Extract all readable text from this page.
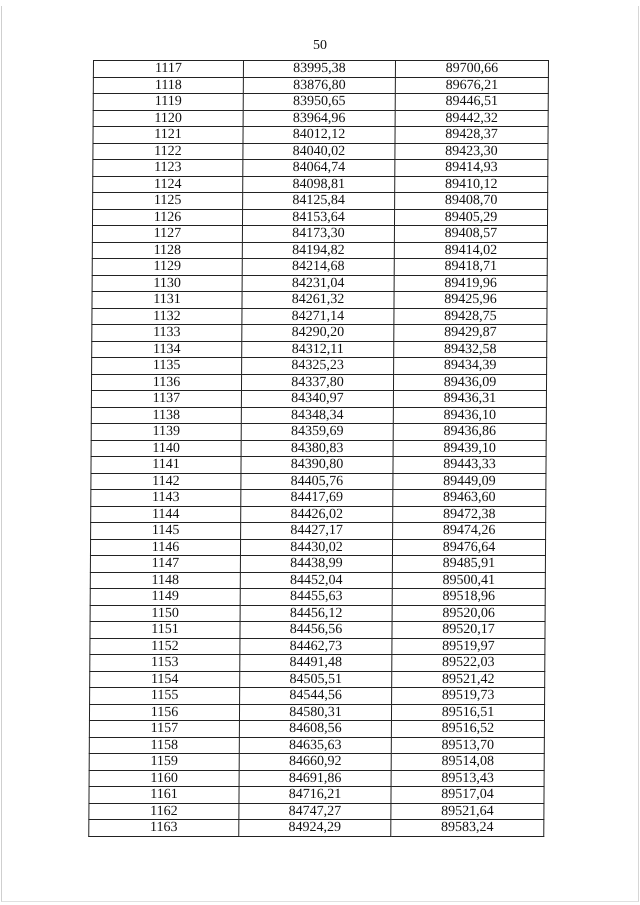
50
1117	83995,38	89700,66
1118	83876,80	89676,21
1119	83950,65	89446,51
1120	83964,96	89442,32
1121	84012,12	89428,37
1122	84040,02	89423,30
1123	84064,74	89414,93
1124	84098,81	89410,12
1125	84125,84	89408,70
1126	84153,64	89405,29
1127	84173,30	89408,57
1128	84194,82	89414,02
1129	84214,68	89418,71
1130	84231,04	89419,96
1131	84261,32	89425,96
1132	84271,14	89428,75
1133	84290,20	89429,87
1134	84312,11	89432,58
1135	84325,23	89434,39
1136	84337,80	89436,09
1137	84340,97	89436,31
1138	84348,34	89436,10
1139	84359,69	89436,86
1140	84380,83	89439,10
1141	84390,80	89443,33
1142	84405,76	89449,09
1143	84417,69	89463,60
1144	84426,02	89472,38
1145	84427,17	89474,26
1146	84430,02	89476,64
1147	84438,99	89485,91
1148	84452,04	89500,41
1149	84455,63	89518,96
1150	84456,12	89520,06
1151	84456,56	89520,17
1152	84462,73	89519,97
1153	84491,48	89522,03
1154	84505,51	89521,42
1155	84544,56	89519,73
1156	84580,31	89516,51
1157	84608,56	89516,52
1158	84635,63	89513,70
1159	84660,92	89514,08
1160	84691,86	89513,43
1161	84716,21	89517,04
1162	84747,27	89521,64
1163	84924,29	89583,24
